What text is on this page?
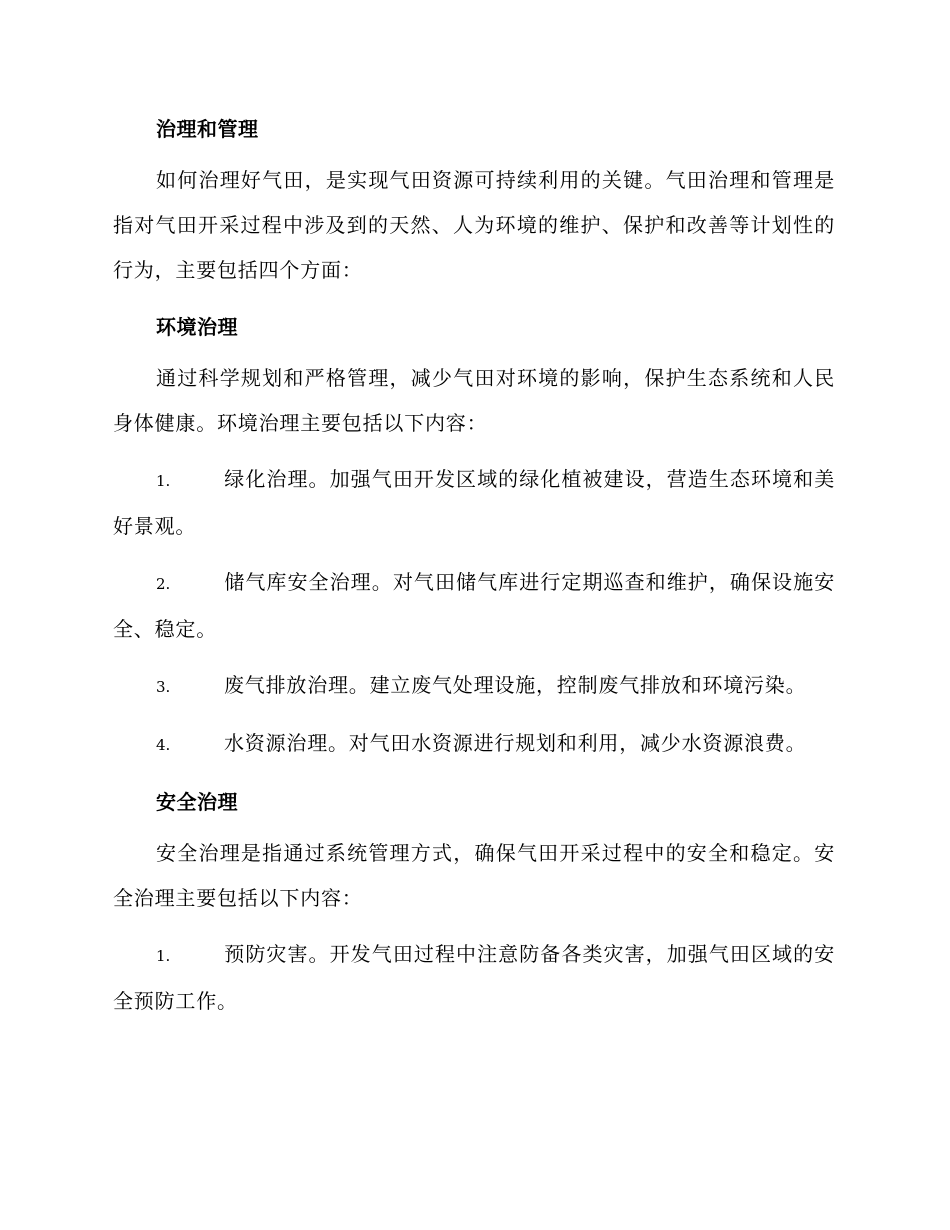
治理和管理

如何治理好气田，是实现气田资源可持续利用的关键。气田治理和管理是指对气田开采过程中涉及到的天然、人为环境的维护、保护和改善等计划性的行为，主要包括四个方面：

环境治理

通过科学规划和严格管理，减少气田对环境的影响，保护生态系统和人民身体健康。环境治理主要包括以下内容：

1.	绿化治理。加强气田开发区域的绿化植被建设，营造生态环境和美好景观。

2.	储气库安全治理。对气田储气库进行定期巡查和维护，确保设施安全、稳定。

3.	废气排放治理。建立废气处理设施，控制废气排放和环境污染。

4.	水资源治理。对气田水资源进行规划和利用，减少水资源浪费。

安全治理

安全治理是指通过系统管理方式，确保气田开采过程中的安全和稳定。安全治理主要包括以下内容：

1.	预防灾害。开发气田过程中注意防备各类灾害，加强气田区域的安全预防工作。
